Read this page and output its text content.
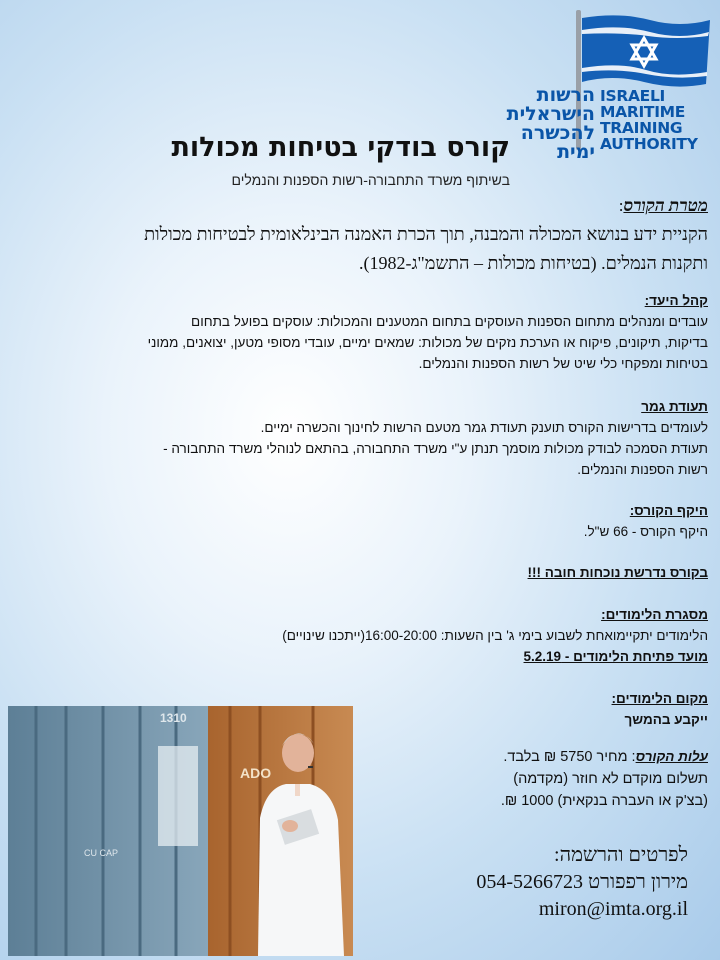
הרשות
הישראלית
להכשרה
ימית
ISRAELI
MARITIME
TRAINING
AUTHORITY
קורס בודקי בטיחות מכולות
בשיתוף משרד התחבורה-רשות הספנות והנמלים
מטרת הקורס:

הקניית ידע בנושא המכולה והמבנה, תוך הכרת האמנה הבינלאומית לבטיחות מכולות

ותקנות הנמלים. (בטיחות מכולות – התשמ"ג-1982).

קהל היעד:

עובדים ומנהלים מתחום הספנות העוסקים בתחום המטענים והמכולות: עוסקים בפועל בתחום

בדיקות, תיקונים, פיקוח או הערכת נזקים של מכולות: שמאים ימיים, עובדי מסופי מטען, יצואנים, ממוני

בטיחות ומפקחי כלי שיט של רשות הספנות והנמלים.

תעודת גמר

לעומדים בדרישות הקורס תוענק תעודת גמר מטעם הרשות לחינוך והכשרה ימיים.

תעודת הסמכה לבודק מכולות מוסמך תנתן ע"י משרד התחבורה, בהתאם לנוהלי משרד התחבורה -

רשות הספנות והנמלים.

היקף הקורס:

היקף הקורס - 66 ש"ל.

בקורס נדרשת נוכחות חובה !!!

מסגרת הלימודים:

הלימודים יתקיימואחת לשבוע בימי ג' בין השעות: 16:00-20:00(ייתכנו שינויים)

מועד פתיחת הלימודים - 5.2.19

מקום הלימודים:

ייקבע בהמשך

עלות הקורס: מחיר 5750 ₪ בלבד.

תשלום מוקדם לא חוזר (מקדמה)

(בצ'ק או העברה בנקאית) 1000 ₪.

לפרטים והרשמה:

מירון רפפורט 054-5266723

miron@imta.org.il

1310
CU CAP
ADO
